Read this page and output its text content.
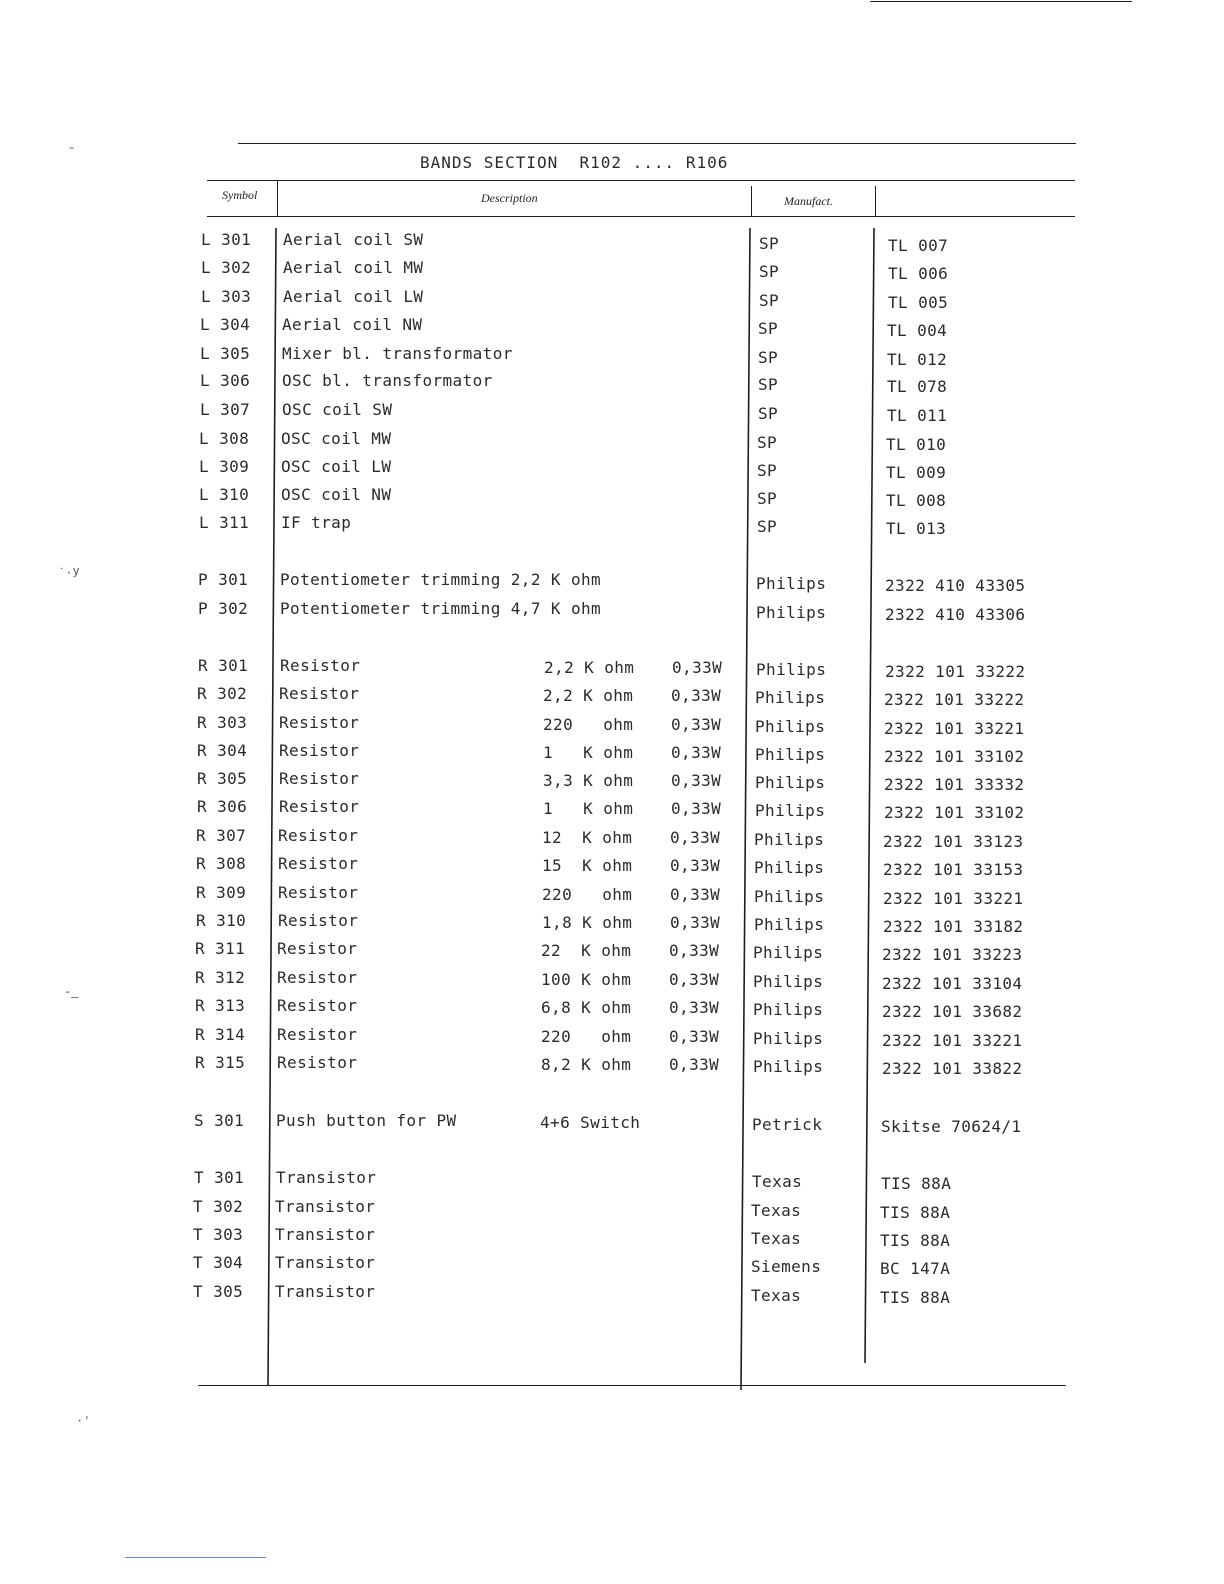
˜
˙·У
˜—
·'
BANDS SECTION  R102 .... R106
Symbol	Description	Manufact.
L 301 Aerial coil SW	SP	TL 007
L 302 Aerial coil MW	SP	TL 006
L 303 Aerial coil LW	SP	TL 005
L 304 Aerial coil NW	SP	TL 004
L 305 Mixer bl. transformator	SP	TL 012
L 306 OSC bl. transformator	SP	TL 078
L 307 OSC coil SW	SP	TL 011
L 308 OSC coil MW	SP	TL 010
L 309 OSC coil LW	SP	TL 009
L 310 OSC coil NW	SP	TL 008
L 311 IF trap	SP	TL 013
P 301 Potentiometer trimming 2,2 K ohm	Philips	2322 410 43305
P 302 Potentiometer trimming 4,7 K ohm	Philips	2322 410 43306
R 301 Resistor	2,2 K ohm 0,33W Philips	2322 101 33222
R 302 Resistor	2,2 K ohm 0,33W Philips	2322 101 33222
R 303 Resistor	220   ohm 0,33W Philips	2322 101 33221
R 304 Resistor	1   K ohm 0,33W Philips	2322 101 33102
R 305 Resistor	3,3 K ohm 0,33W Philips	2322 101 33332
R 306 Resistor	1   K ohm 0,33W Philips	2322 101 33102
R 307 Resistor	12  K ohm 0,33W Philips	2322 101 33123
R 308 Resistor	15  K ohm 0,33W Philips	2322 101 33153
R 309 Resistor	220   ohm 0,33W Philips	2322 101 33221
R 310 Resistor	1,8 K ohm 0,33W Philips	2322 101 33182
R 311 Resistor	22  K ohm 0,33W Philips	2322 101 33223
R 312 Resistor	100 K ohm 0,33W Philips	2322 101 33104
R 313 Resistor	6,8 K ohm 0,33W Philips	2322 101 33682
R 314 Resistor	220   ohm 0,33W Philips	2322 101 33221
R 315 Resistor	8,2 K ohm 0,33W Philips	2322 101 33822
S 301 Push button for PW	4+6 Switch	Petrick	Skitse 70624/1
T 301 Transistor	Texas	TIS 88A
T 302 Transistor	Texas	TIS 88A
T 303 Transistor	Texas	TIS 88A
T 304 Transistor	Siemens	BC 147A
T 305 Transistor	Texas	TIS 88A
